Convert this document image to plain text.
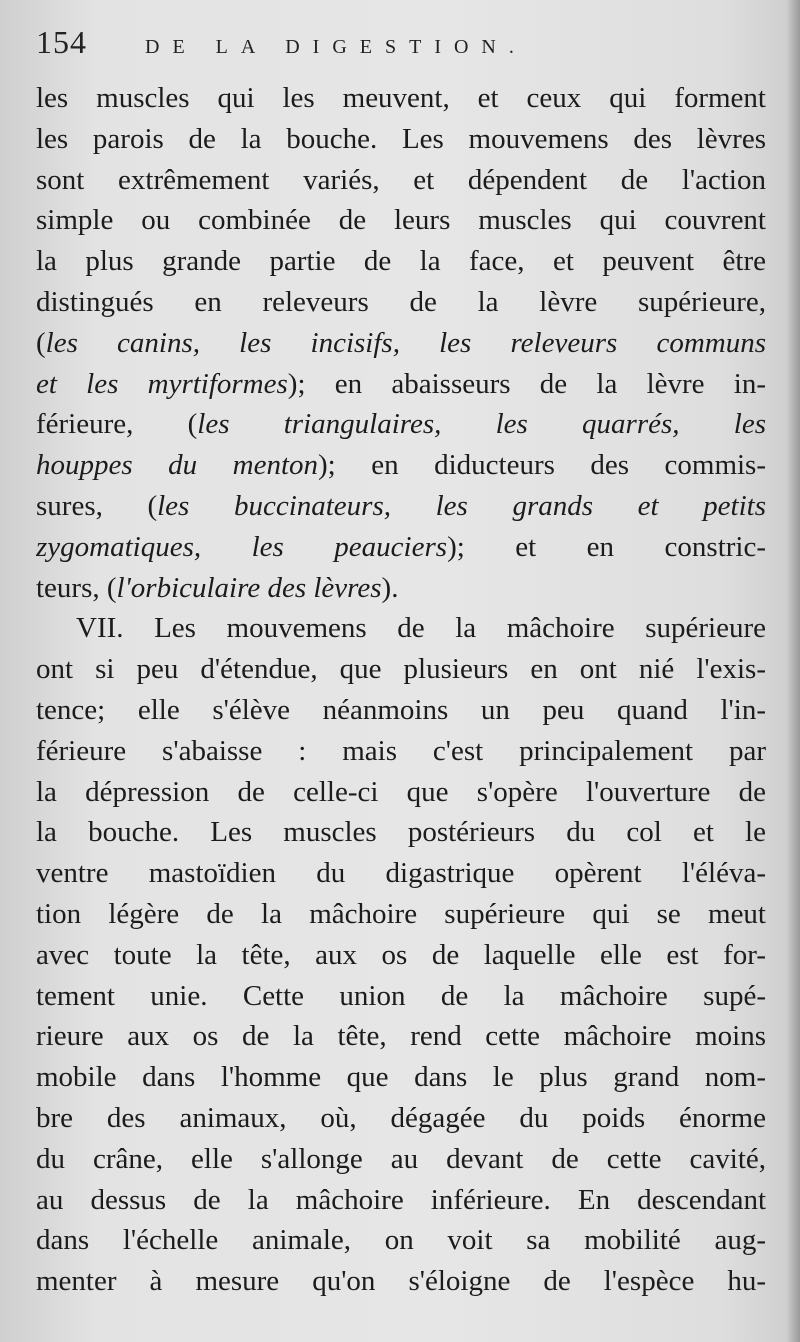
154	DE LA DIGESTION.
les muscles qui les meuvent, et ceux qui forment
les parois de la bouche. Les mouvemens des lèvres
sont extrêmement variés, et dépendent de l'action
simple ou combinée de leurs muscles qui couvrent
la plus grande partie de la face, et peuvent être
distingués en releveurs de la lèvre supérieure,
(les canins, les incisifs, les releveurs communs
et les myrtiformes); en abaisseurs de la lèvre in-
férieure, (les triangulaires, les quarrés, les
houppes du menton); en diducteurs des commis-
sures, (les buccinateurs, les grands et petits
zygomatiques, les peauciers); et en constric-
teurs, (l'orbiculaire des lèvres).
VII. Les mouvemens de la mâchoire supérieure
ont si peu d'étendue, que plusieurs en ont nié l'exis-
tence; elle s'élève néanmoins un peu quand l'in-
férieure s'abaisse : mais c'est principalement par
la dépression de celle-ci que s'opère l'ouverture de
la bouche. Les muscles postérieurs du col et le
ventre mastoïdien du digastrique opèrent l'éléva-
tion légère de la mâchoire supérieure qui se meut
avec toute la tête, aux os de laquelle elle est for-
tement unie. Cette union de la mâchoire supé-
rieure aux os de la tête, rend cette mâchoire moins
mobile dans l'homme que dans le plus grand nom-
bre des animaux, où, dégagée du poids énorme
du crâne, elle s'allonge au devant de cette cavité,
au dessus de la mâchoire inférieure. En descendant
dans l'échelle animale, on voit sa mobilité aug-
menter à mesure qu'on s'éloigne de l'espèce hu-
